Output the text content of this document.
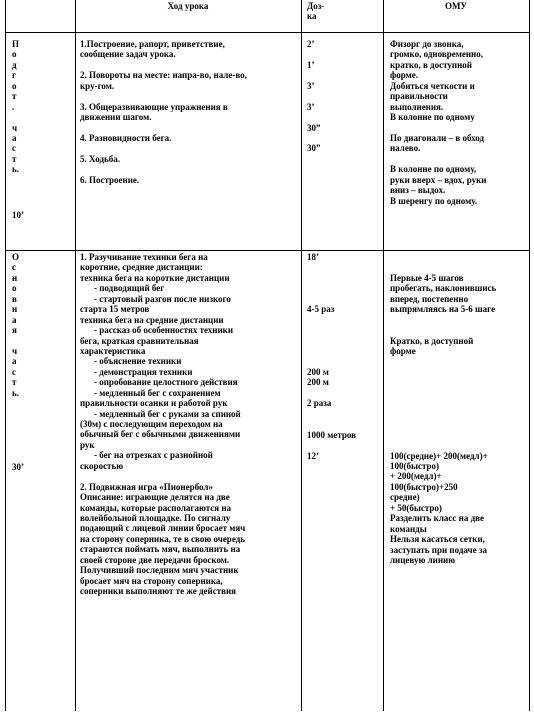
Ход урока	Доз-
ка
ОМУ
П
о
д
г
о
т
.
ч
а
с
т
ь.
10’
1.Построение, рапорт, приветствие,
сообщение задач урока.
2. Повороты на месте: напра-во, нале-во,
кру-гом.
3. Общеразвивающие упражнения в
движении шагом.
4. Разновидности бега.
5. Ходьба.
6. Построение.
2’
1’
3’
3’
30”
30”
Физорг до звонка,
громко, одновременно,
кратко, в доступной
форме.
Добиться четкости и
правильности
выполнения.
В колонне по одному
По диагонали – в обход
налево.
В колонне по одному,
руки вверх – вдох, руки
вниз – выдох.
В шеренгу по одному.
О
с
н
о
в
н
а
я
ч
а
с
т
ь.
30’
1. Разучивание техники бега на
коротние, средние дистанции:
техника бега на короткие дистанции
- подводящий бег
- стартовый разгон после низкого
старта 15 метров
техника бега на средние дистанции
- рассказ об особенностях техники
бега, краткая сравнительная
характеристика
- объяснение техники
- демонстрация техники
- опробование целостного действия
- медленный бег с сохранением
правильности осанки и работой рук
- медленный бег с руками за спиной
(30м) с последующим переходом на
обычный бег с обычными движениями
рук
- бег на отрезках с разнойной
скоростью
2. Подвижная игра «Пионербол»
Описание: играющие делятся на две
команды, которые располагаются на
волейбольной площадке. По сигналу
подающий с лицевой линии бросает мяч
на сторону соперника, те в свою очередь
стараются поймать мяч, выполнить на
своей стороне две передачи броском.
Получивший последним мяч участник
бросает мяч на сторону соперника,
соперники выполняют те же действия
18’
4-5 раз
200 м
200 м
2 раза
1000 метров
12’
Первые 4-5 шагов
пробегать, наклонившись
вперед, постепенно
выпрямляясь на 5-6 шаге
Кратко, в доступной
форме
100(средне)+ 200(медл)+
100(быстро)
+ 200(медл)+
100(быстро)+250
средне)
+ 50(быстро)
Разделить класс на две
команды
Нельзя касаться сетки,
заступать при подаче за
лицевую линию
